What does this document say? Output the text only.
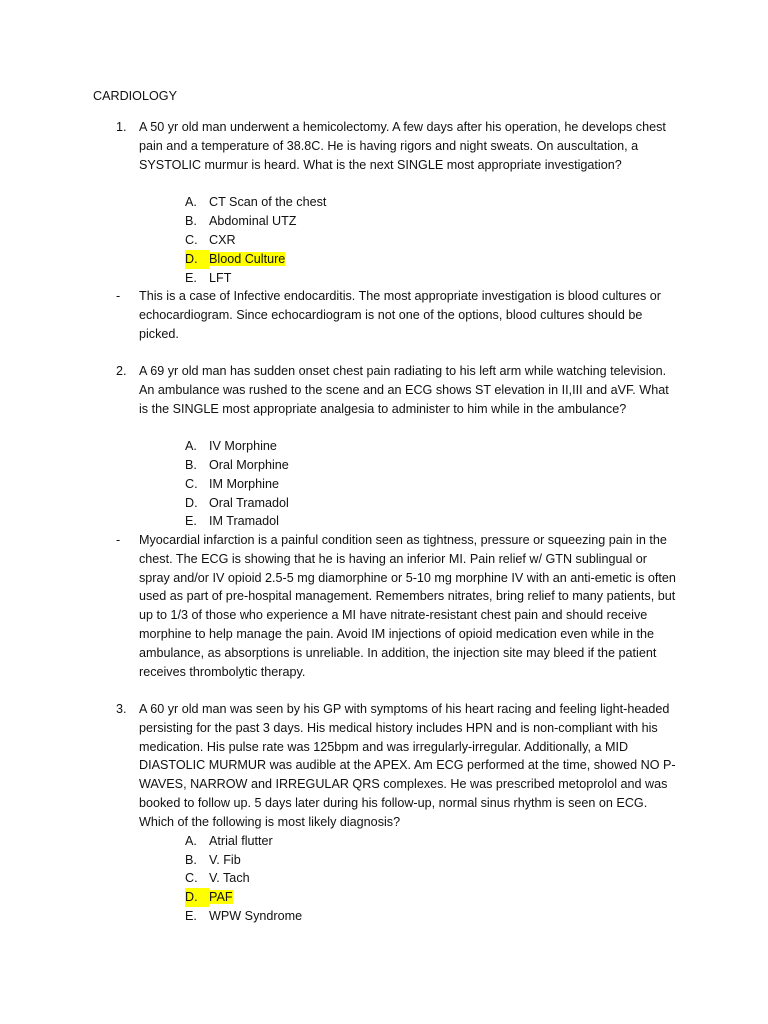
CARDIOLOGY
1. A 50 yr old man underwent a hemicolectomy. A few days after his operation, he develops chest pain and a temperature of 38.8C. He is having rigors and night sweats. On auscultation, a SYSTOLIC murmur is heard. What is the next SINGLE most appropriate investigation?
A. CT Scan of the chest
B. Abdominal UTZ
C. CXR
D. Blood Culture
E. LFT
- This is a case of Infective endocarditis. The most appropriate investigation is blood cultures or echocardiogram. Since echocardiogram is not one of the options, blood cultures should be picked.
2. A 69 yr old man has sudden onset chest pain radiating to his left arm while watching television. An ambulance was rushed to the scene and an ECG shows ST elevation in II,III and aVF. What is the SINGLE most appropriate analgesia to administer to him while in the ambulance?
A. IV Morphine
B. Oral Morphine
C. IM Morphine
D. Oral Tramadol
E. IM Tramadol
- Myocardial infarction is a painful condition seen as tightness, pressure or squeezing pain in the chest. The ECG is showing that he is having an inferior MI. Pain relief w/ GTN sublingual or spray and/or IV opioid 2.5-5 mg diamorphine or 5-10 mg morphine IV with an anti-emetic is often used as part of pre-hospital management. Remembers nitrates, bring relief to many patients, but up to 1/3 of those who experience a MI have nitrate-resistant chest pain and should receive morphine to help manage the pain. Avoid IM injections of opioid medication even while in the ambulance, as absorptions is unreliable. In addition, the injection site may bleed if the patient receives thrombolytic therapy.
3. A 60 yr old man was seen by his GP with symptoms of his heart racing and feeling light-headed persisting for the past 3 days. His medical history includes HPN and is non-compliant with his medication. His pulse rate was 125bpm and was irregularly-irregular. Additionally, a MID DIASTOLIC MURMUR was audible at the APEX. Am ECG performed at the time, showed NO P-WAVES, NARROW and IRREGULAR QRS complexes. He was prescribed metoprolol and was booked to follow up. 5 days later during his follow-up, normal sinus rhythm is seen on ECG. Which of the following is most likely diagnosis?
A. Atrial flutter
B. V. Fib
C. V. Tach
D. PAF
E. WPW Syndrome
